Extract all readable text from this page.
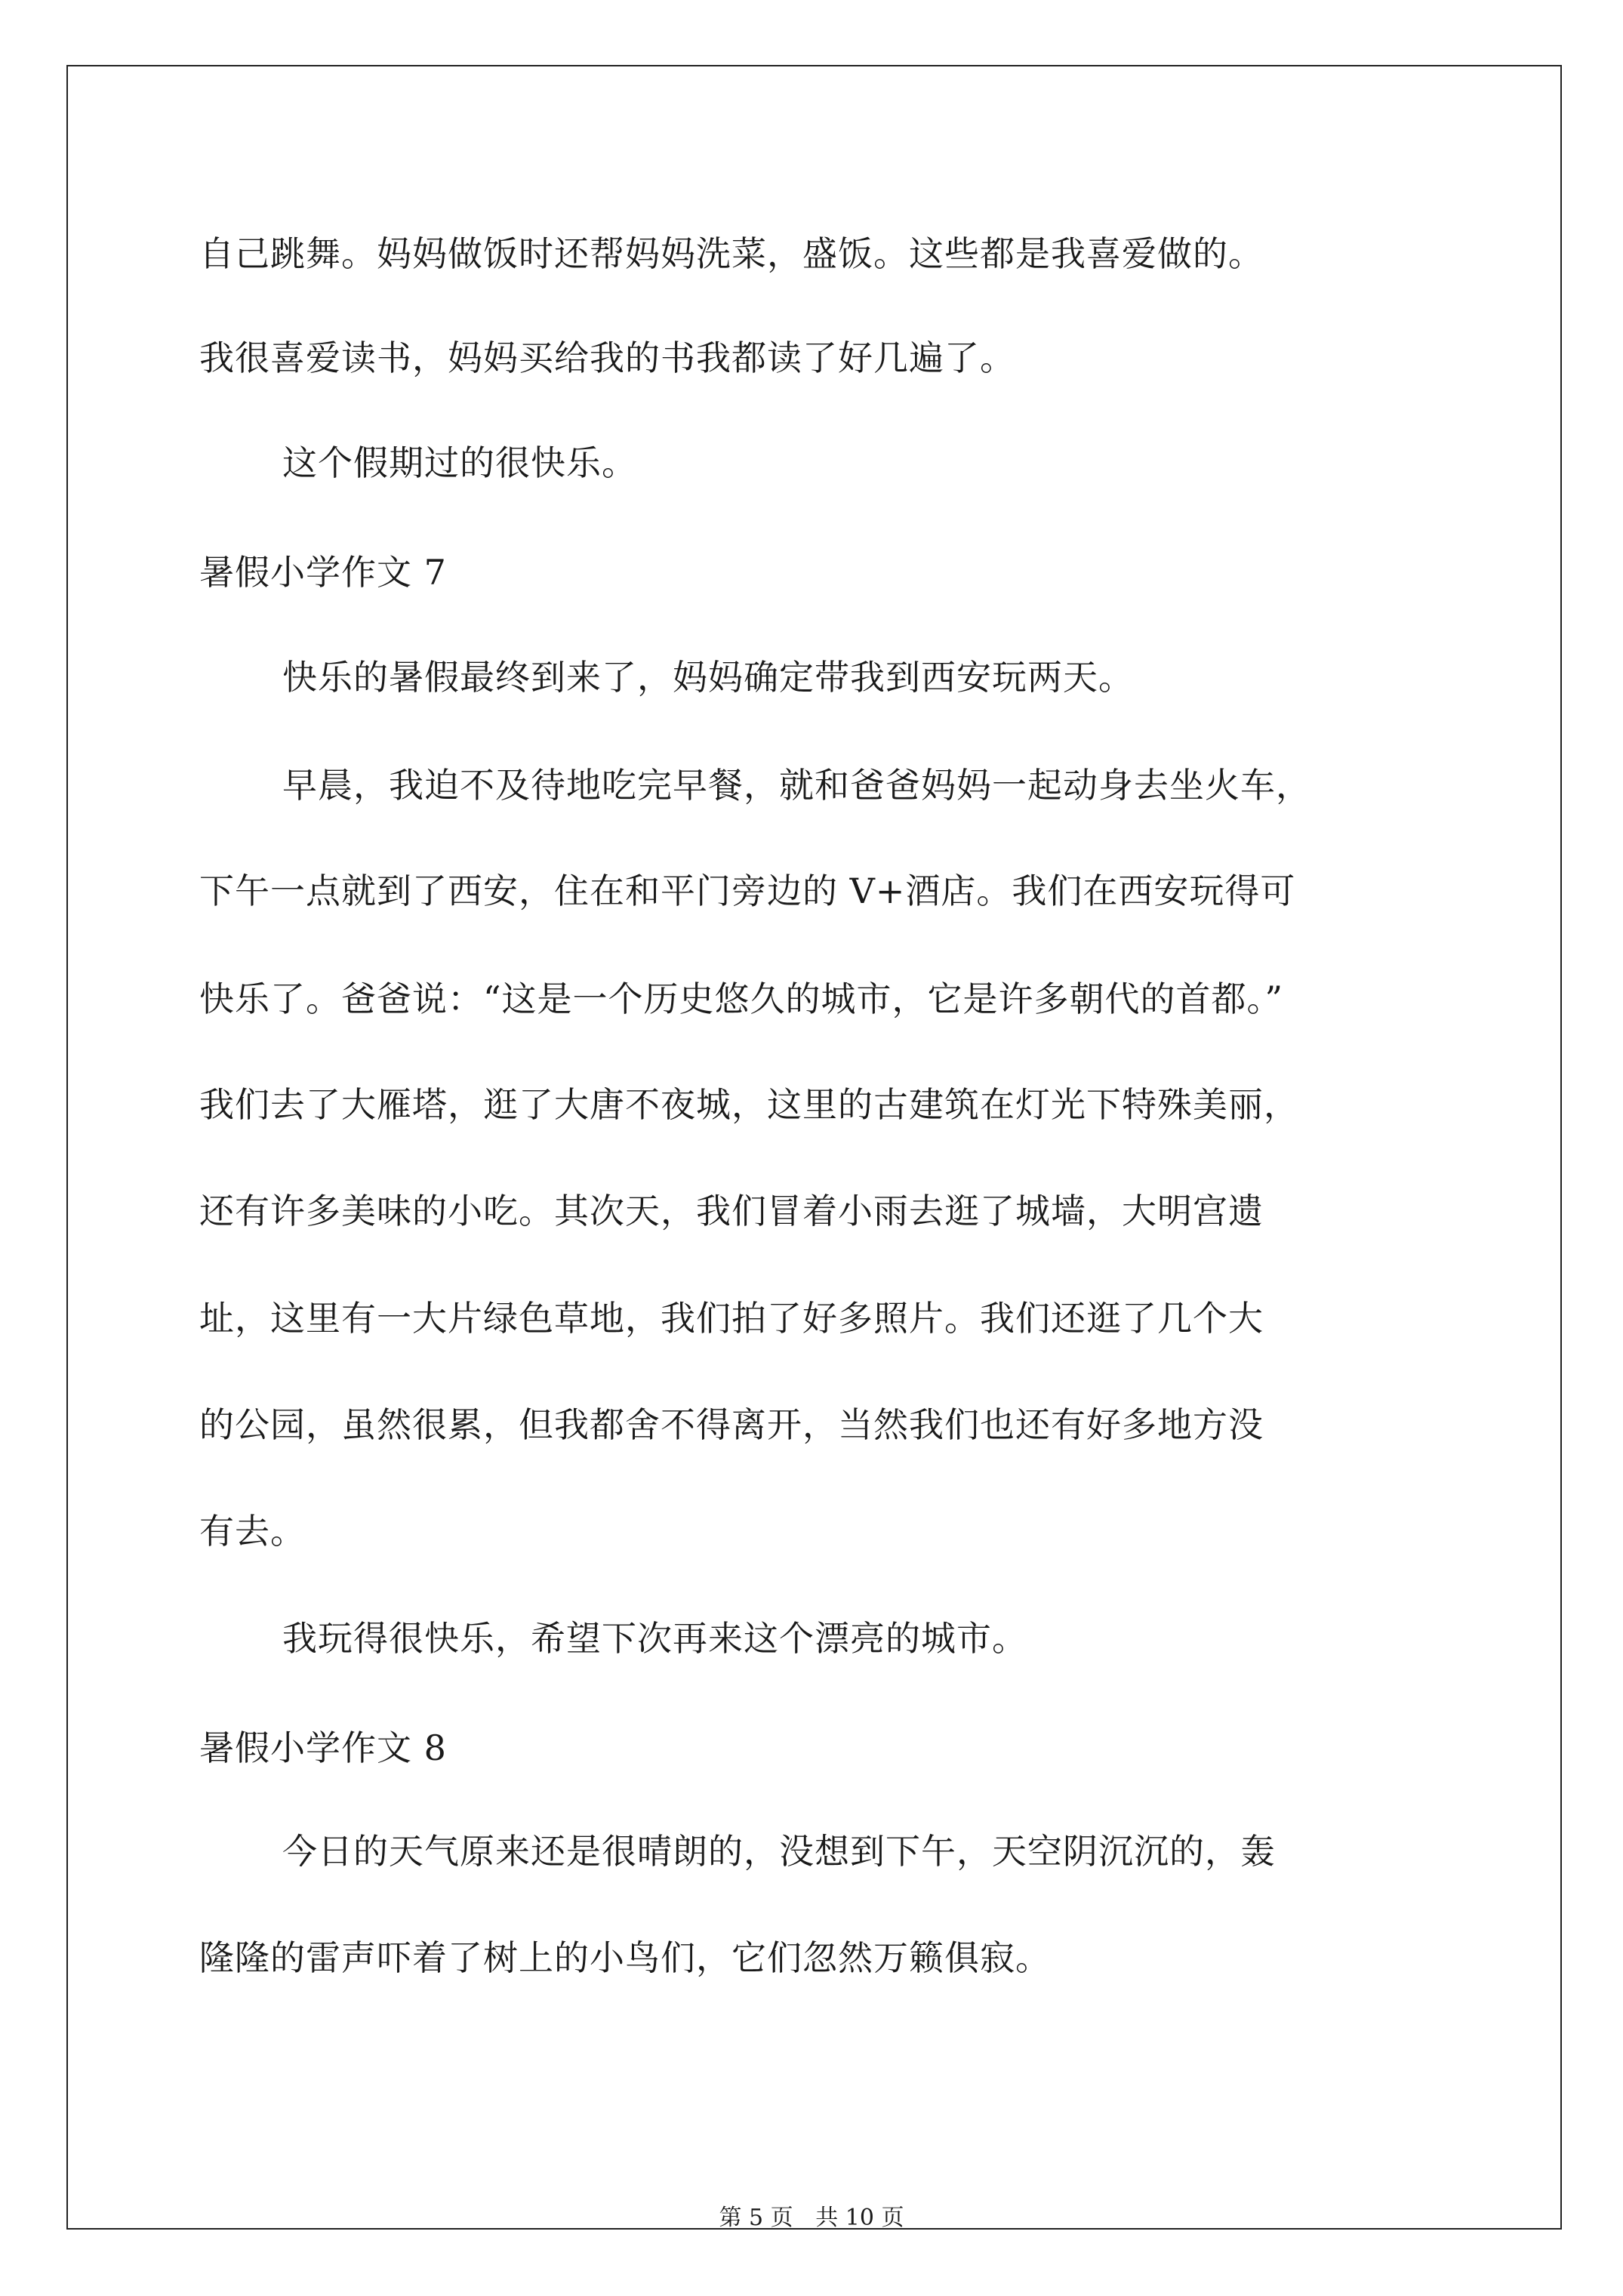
自己跳舞。妈妈做饭时还帮妈妈洗菜，盛饭。这些都是我喜爱做的。
我很喜爱读书，妈妈买给我的书我都读了好几遍了。
这个假期过的很快乐。
暑假小学作文 7
快乐的暑假最终到来了，妈妈确定带我到西安玩两天。
早晨，我迫不及待地吃完早餐，就和爸爸妈妈一起动身去坐火车，
下午一点就到了西安，住在和平门旁边的 V+酒店。我们在西安玩得可
快乐了。爸爸说：“这是一个历史悠久的城市，它是许多朝代的首都。”
我们去了大雁塔，逛了大唐不夜城，这里的古建筑在灯光下特殊美丽，
还有许多美味的小吃。其次天，我们冒着小雨去逛了城墙，大明宫遗
址，这里有一大片绿色草地，我们拍了好多照片。我们还逛了几个大
的公园，虽然很累，但我都舍不得离开，当然我们也还有好多地方没
有去。
我玩得很快乐，希望下次再来这个漂亮的城市。
暑假小学作文 8
今日的天气原来还是很晴朗的，没想到下午，天空阴沉沉的，轰
隆隆的雷声吓着了树上的小鸟们，它们忽然万籁俱寂。
第 5 页 共 10 页
